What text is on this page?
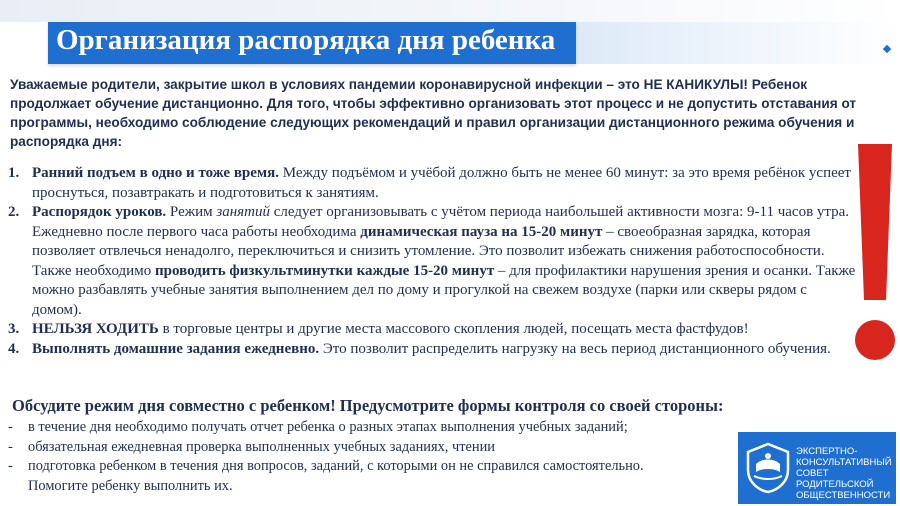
Организация распорядка дня ребенка
Уважаемые родители, закрытие школ в условиях пандемии коронавирусной инфекции – это НЕ КАНИКУЛЫ! Ребенок продолжает обучение дистанционно. Для того, чтобы эффективно организовать этот процесс и не допустить отставания от программы, необходимо соблюдение следующих рекомендаций и правил организации дистанционного режима обучения и распорядка дня:
1. Ранний подъем в одно и тоже время. Между подъёмом и учёбой должно быть не менее 60 минут: за это время ребёнок успеет проснуться, позавтракать и подготовиться к занятиям.
2. Распорядок уроков. Режим занятий следует организовывать с учётом периода наибольшей активности мозга: 9-11 часов утра. Ежедневно после первого часа работы необходима динамическая пауза на 15-20 минут – своеобразная зарядка, которая позволяет отвлечься ненадолго, переключиться и снизить утомление. Это позволит избежать снижения работоспособности. Также необходимо проводить физкультминутки каждые 15-20 минут – для профилактики нарушения зрения и осанки. Также можно разбавлять учебные занятия выполнением дел по дому и прогулкой на свежем воздухе (парки или скверы рядом с домом).
3. НЕЛЬЗЯ ХОДИТЬ в торговые центры и другие места массового скопления людей, посещать места фастфудов!
4. Выполнять домашние задания ежедневно. Это позволит распределить нагрузку на весь период дистанционного обучения.
Обсудите режим дня совместно с ребенком! Предусмотрите формы контроля со своей стороны:
- в течение дня необходимо получать отчет ребенка о разных этапах выполнения учебных заданий;
- обязательная ежедневная проверка выполненных учебных заданиях, чтении
- подготовка ребенком в течения дня вопросов, заданий, с которыми он не справился самостоятельно.
Помогите ребенку выполнить их.
ЭКСПЕРТНО-
КОНСУЛЬТАТИВНЫЙ
СОВЕТ
РОДИТЕЛЬСКОЙ
ОБЩЕСТВЕННОСТИ
